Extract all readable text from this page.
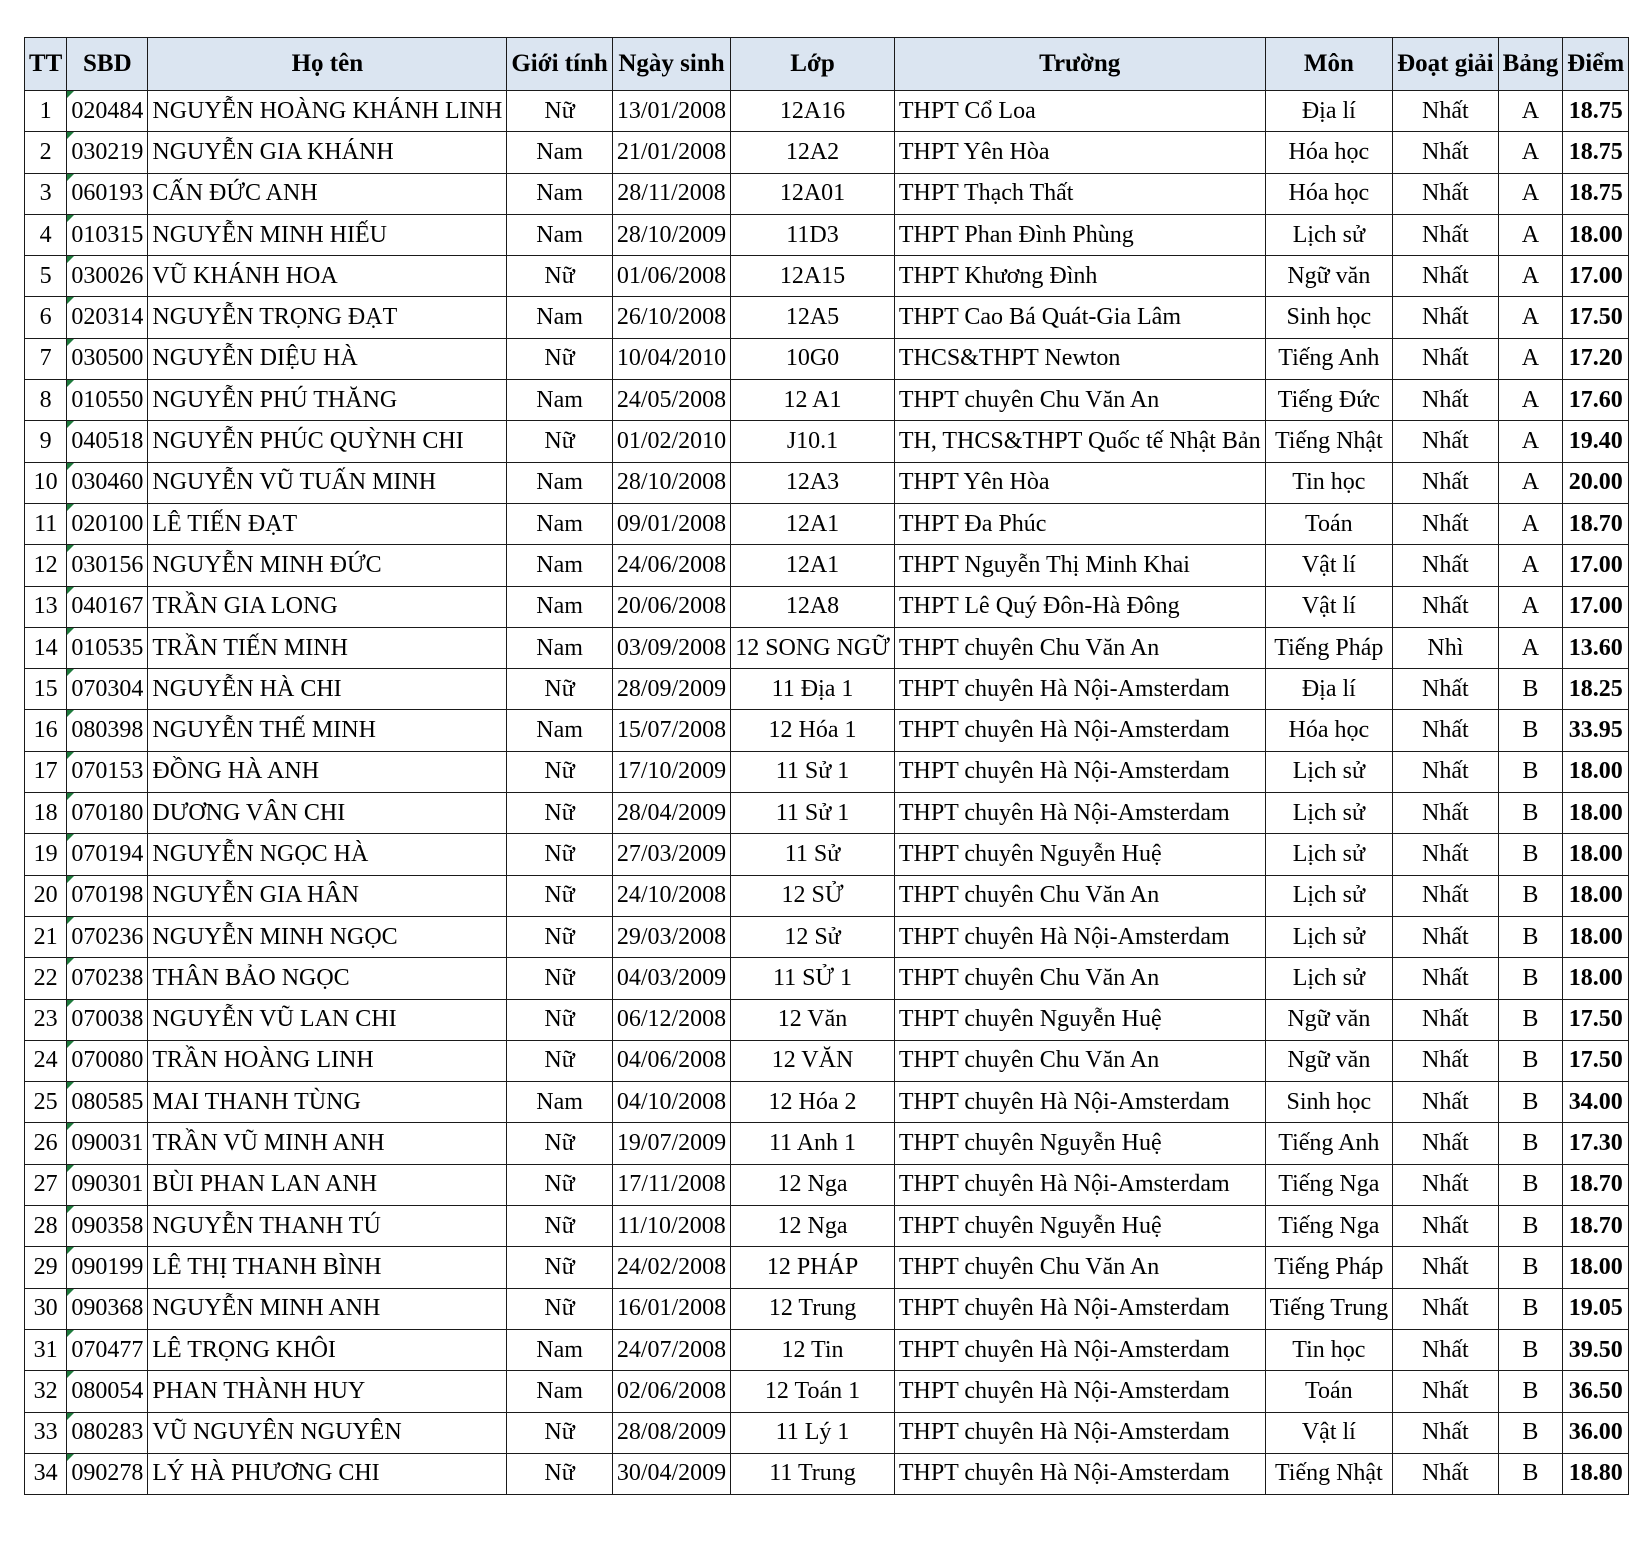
TT	SBD	Họ tên	Giới tính	Ngày sinh	Lớp	Trường	Môn	Đoạt giải	Bảng	Điểm
1	020484	NGUYỄN HOÀNG KHÁNH LINH	Nữ	13/01/2008	12A16	THPT Cổ Loa	Địa lí	Nhất	A	18.75
2	030219	NGUYỄN GIA KHÁNH	Nam	21/01/2008	12A2	THPT Yên Hòa	Hóa học	Nhất	A	18.75
3	060193	CẤN ĐỨC ANH	Nam	28/11/2008	12A01	THPT Thạch Thất	Hóa học	Nhất	A	18.75
4	010315	NGUYỄN MINH HIẾU	Nam	28/10/2009	11D3	THPT Phan Đình Phùng	Lịch sử	Nhất	A	18.00
5	030026	VŨ KHÁNH HOA	Nữ	01/06/2008	12A15	THPT Khương Đình	Ngữ văn	Nhất	A	17.00
6	020314	NGUYỄN TRỌNG ĐẠT	Nam	26/10/2008	12A5	THPT Cao Bá Quát-Gia Lâm	Sinh học	Nhất	A	17.50
7	030500	NGUYỄN DIỆU HÀ	Nữ	10/04/2010	10G0	THCS&THPT Newton	Tiếng Anh	Nhất	A	17.20
8	010550	NGUYỄN PHÚ THĂNG	Nam	24/05/2008	12 A1	THPT chuyên Chu Văn An	Tiếng Đức	Nhất	A	17.60
9	040518	NGUYỄN PHÚC QUỲNH CHI	Nữ	01/02/2010	J10.1	TH, THCS&THPT Quốc tế Nhật Bản	Tiếng Nhật	Nhất	A	19.40
10	030460	NGUYỄN VŨ TUẤN MINH	Nam	28/10/2008	12A3	THPT Yên Hòa	Tin học	Nhất	A	20.00
11	020100	LÊ TIẾN ĐẠT	Nam	09/01/2008	12A1	THPT Đa Phúc	Toán	Nhất	A	18.70
12	030156	NGUYỄN MINH ĐỨC	Nam	24/06/2008	12A1	THPT Nguyễn Thị Minh Khai	Vật lí	Nhất	A	17.00
13	040167	TRẦN GIA LONG	Nam	20/06/2008	12A8	THPT Lê Quý Đôn-Hà Đông	Vật lí	Nhất	A	17.00
14	010535	TRẦN TIẾN MINH	Nam	03/09/2008	12 SONG NGỮ	THPT chuyên Chu Văn An	Tiếng Pháp	Nhì	A	13.60
15	070304	NGUYỄN HÀ CHI	Nữ	28/09/2009	11 Địa 1	THPT chuyên Hà Nội-Amsterdam	Địa lí	Nhất	B	18.25
16	080398	NGUYỄN THẾ MINH	Nam	15/07/2008	12 Hóa 1	THPT chuyên Hà Nội-Amsterdam	Hóa học	Nhất	B	33.95
17	070153	ĐỒNG HÀ ANH	Nữ	17/10/2009	11 Sử 1	THPT chuyên Hà Nội-Amsterdam	Lịch sử	Nhất	B	18.00
18	070180	DƯƠNG VÂN CHI	Nữ	28/04/2009	11 Sử 1	THPT chuyên Hà Nội-Amsterdam	Lịch sử	Nhất	B	18.00
19	070194	NGUYỄN NGỌC HÀ	Nữ	27/03/2009	11 Sử	THPT chuyên Nguyễn Huệ	Lịch sử	Nhất	B	18.00
20	070198	NGUYỄN GIA HÂN	Nữ	24/10/2008	12 SỬ	THPT chuyên Chu Văn An	Lịch sử	Nhất	B	18.00
21	070236	NGUYỄN MINH NGỌC	Nữ	29/03/2008	12 Sử	THPT chuyên Hà Nội-Amsterdam	Lịch sử	Nhất	B	18.00
22	070238	THÂN BẢO NGỌC	Nữ	04/03/2009	11 SỬ 1	THPT chuyên Chu Văn An	Lịch sử	Nhất	B	18.00
23	070038	NGUYỄN VŨ LAN CHI	Nữ	06/12/2008	12 Văn	THPT chuyên Nguyễn Huệ	Ngữ văn	Nhất	B	17.50
24	070080	TRẦN HOÀNG LINH	Nữ	04/06/2008	12 VĂN	THPT chuyên Chu Văn An	Ngữ văn	Nhất	B	17.50
25	080585	MAI THANH TÙNG	Nam	04/10/2008	12 Hóa 2	THPT chuyên Hà Nội-Amsterdam	Sinh học	Nhất	B	34.00
26	090031	TRẦN VŨ MINH ANH	Nữ	19/07/2009	11 Anh 1	THPT chuyên Nguyễn Huệ	Tiếng Anh	Nhất	B	17.30
27	090301	BÙI PHAN LAN ANH	Nữ	17/11/2008	12 Nga	THPT chuyên Hà Nội-Amsterdam	Tiếng Nga	Nhất	B	18.70
28	090358	NGUYỄN THANH TÚ	Nữ	11/10/2008	12 Nga	THPT chuyên Nguyễn Huệ	Tiếng Nga	Nhất	B	18.70
29	090199	LÊ THỊ THANH BÌNH	Nữ	24/02/2008	12 PHÁP	THPT chuyên Chu Văn An	Tiếng Pháp	Nhất	B	18.00
30	090368	NGUYỄN MINH ANH	Nữ	16/01/2008	12 Trung	THPT chuyên Hà Nội-Amsterdam	Tiếng Trung	Nhất	B	19.05
31	070477	LÊ TRỌNG KHÔI	Nam	24/07/2008	12 Tin	THPT chuyên Hà Nội-Amsterdam	Tin học	Nhất	B	39.50
32	080054	PHAN THÀNH HUY	Nam	02/06/2008	12 Toán 1	THPT chuyên Hà Nội-Amsterdam	Toán	Nhất	B	36.50
33	080283	VŨ NGUYÊN NGUYÊN	Nữ	28/08/2009	11 Lý 1	THPT chuyên Hà Nội-Amsterdam	Vật lí	Nhất	B	36.00
34	090278	LÝ HÀ PHƯƠNG CHI	Nữ	30/04/2009	11 Trung	THPT chuyên Hà Nội-Amsterdam	Tiếng Nhật	Nhất	B	18.80
